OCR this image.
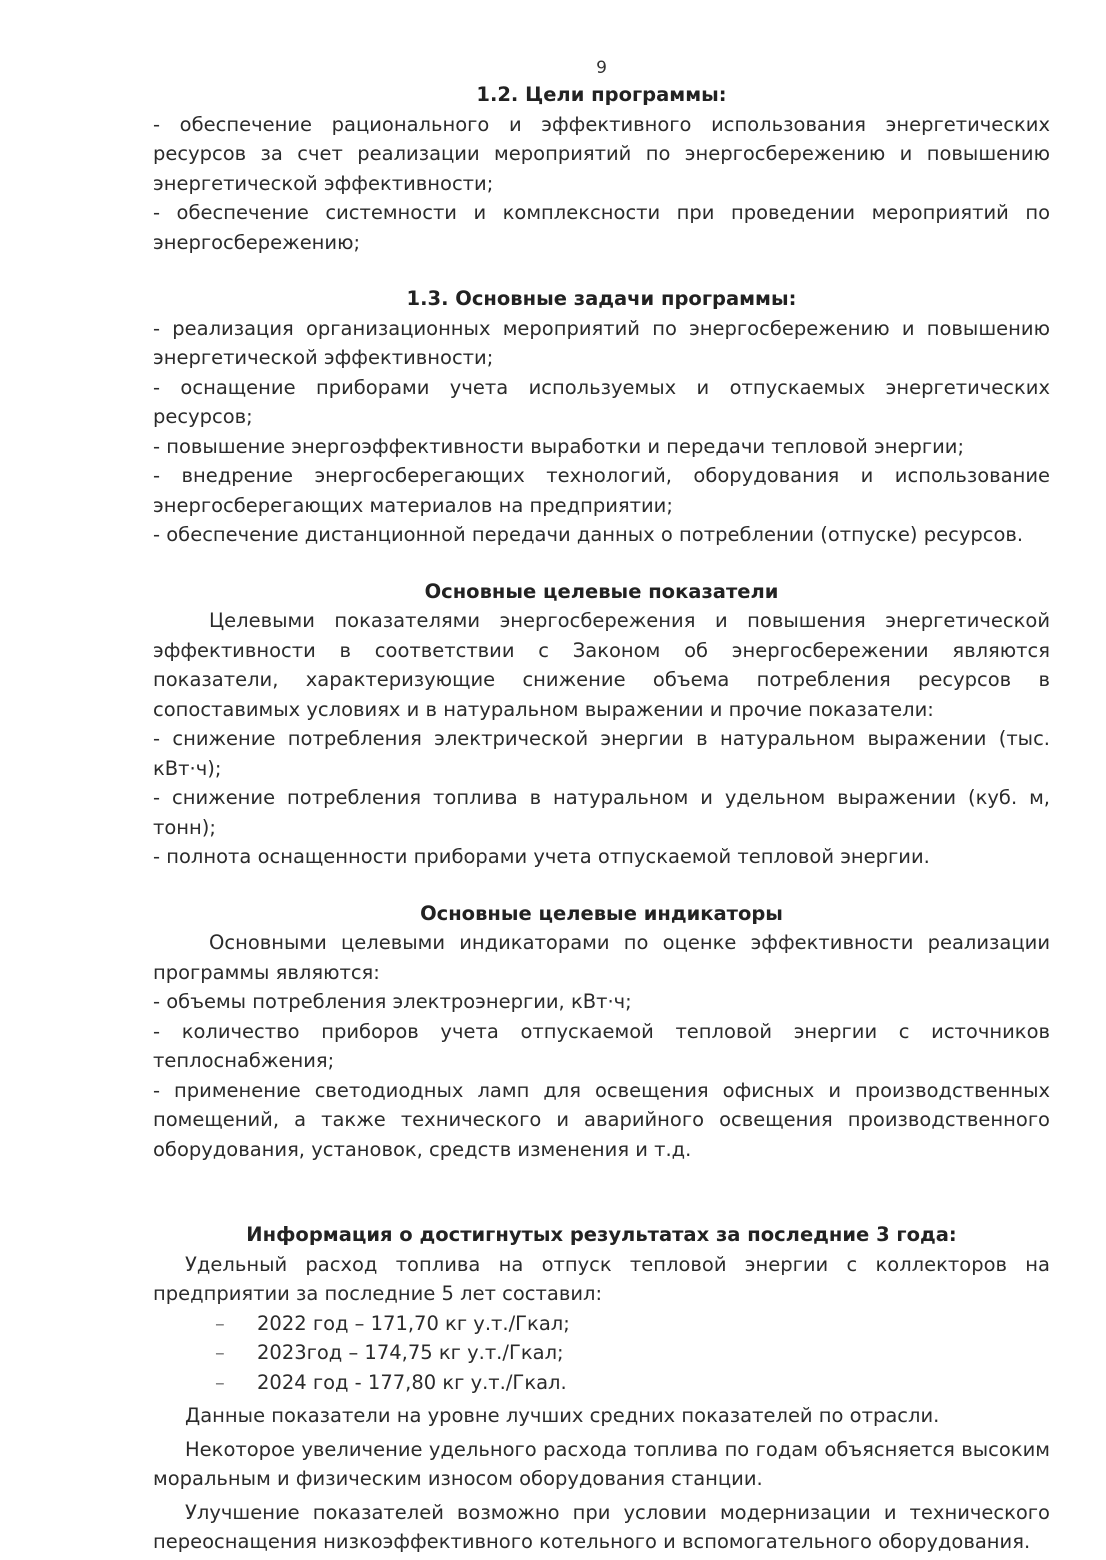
9

1.2. Цели программы:

- обеспечение рационального и эффективного использования энергетических ресурсов за счет реализации мероприятий по энергосбережению и повышению энергетической эффективности;

- обеспечение системности и комплексности при проведении мероприятий по энергосбережению;

1.3. Основные задачи программы:

- реализация организационных мероприятий по энергосбережению и повышению энергетической эффективности;

- оснащение приборами учета используемых и отпускаемых энергетических ресурсов;

- повышение энергоэффективности выработки и передачи тепловой энергии;

- внедрение энергосберегающих технологий, оборудования и использование энергосберегающих материалов на предприятии;

- обеспечение дистанционной передачи данных о потреблении (отпуске) ресурсов.

Основные целевые показатели

Целевыми показателями энергосбережения и повышения энергетической эффективности в соответствии с Законом об энергосбережении являются показатели, характеризующие снижение объема потребления ресурсов в сопоставимых условиях и в натуральном выражении и прочие показатели:

- снижение потребления электрической энергии в натуральном выражении (тыс. кВт·ч);

- снижение потребления топлива в натуральном и удельном выражении (куб. м, тонн);

- полнота оснащенности приборами учета отпускаемой тепловой энергии.

Основные целевые индикаторы

Основными целевыми индикаторами по оценке эффективности реализации программы являются:

- объемы потребления электроэнергии, кВт·ч;

- количество приборов учета отпускаемой тепловой энергии с источников теплоснабжения;

- применение светодиодных ламп для освещения офисных и производственных помещений, а также технического и аварийного освещения производственного оборудования, установок, средств изменения и т.д.

Информация о достигнутых результатах за последние 3 года:

Удельный расход топлива на отпуск тепловой энергии с коллекторов на предприятии за последние 5 лет составил:

–	2022 год – 171,70 кг у.т./Гкал;
–	2023год – 174,75 кг у.т./Гкал;
–	2024 год - 177,80 кг у.т./Гкал.

Данные показатели на уровне лучших средних показателей по отрасли.

Некоторое увеличение удельного расхода топлива по годам объясняется высоким моральным и физическим износом оборудования станции.

Улучшение показателей возможно при условии модернизации и технического переоснащения низкоэффективного котельного и вспомогательного оборудования.
